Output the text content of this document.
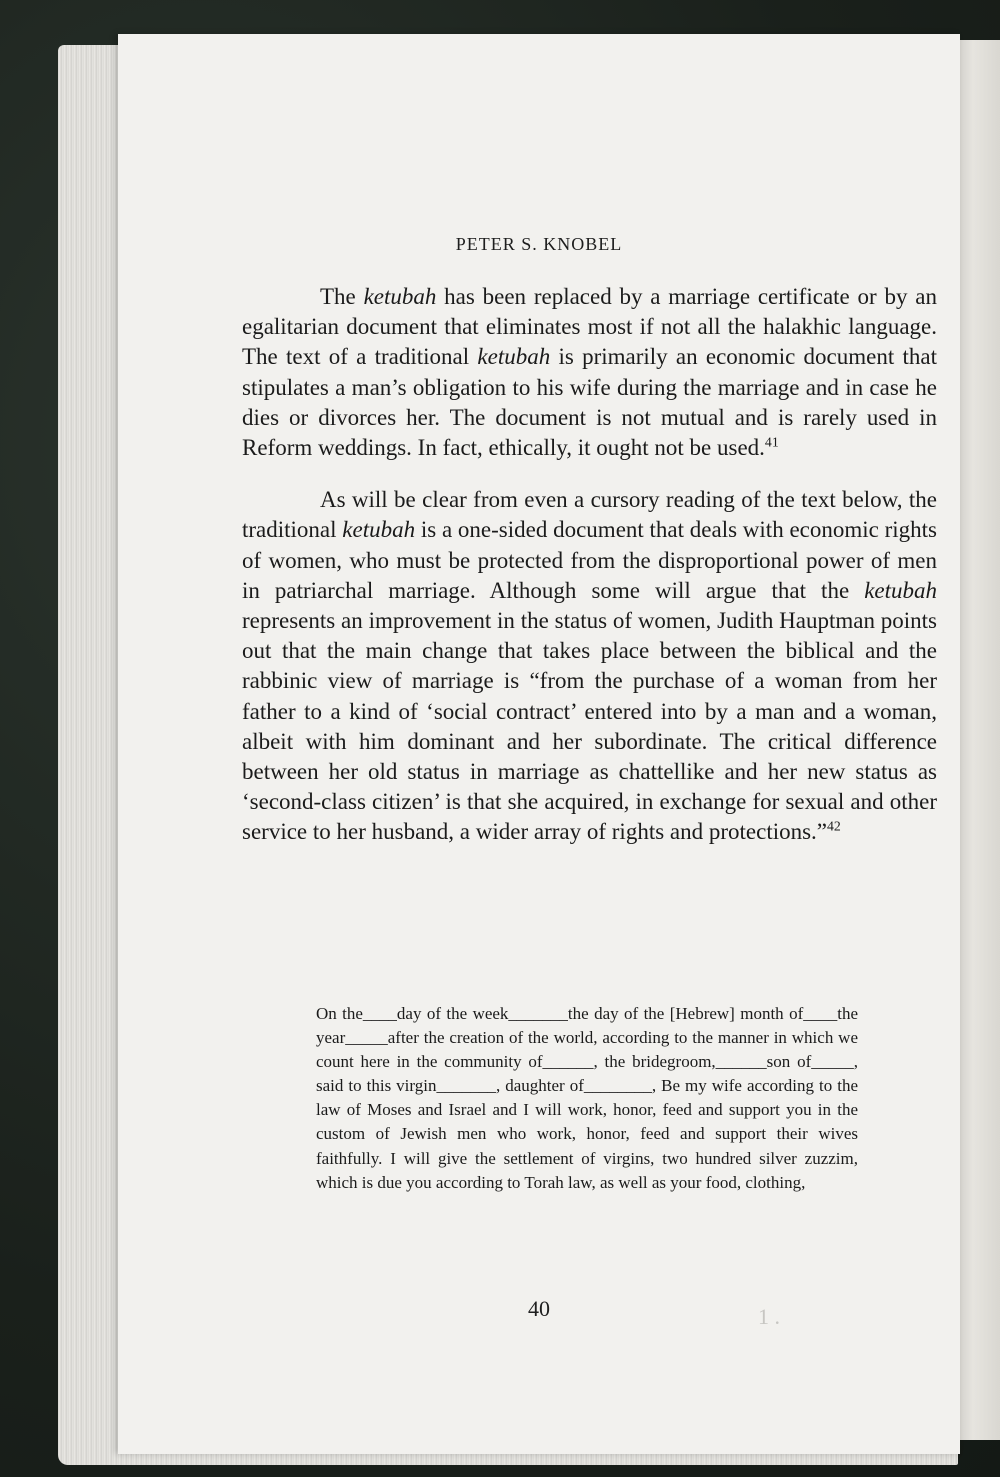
PETER S. KNOBEL

The ketubah has been replaced by a marriage certificate or by an egalitarian document that eliminates most if not all the halakhic language. The text of a traditional ketubah is primarily an economic document that stipulates a man’s obligation to his wife during the marriage and in case he dies or divorces her. The document is not mutual and is rarely used in Reform weddings. In fact, ethically, it ought not be used.$^{41}$

As will be clear from even a cursory reading of the text below, the traditional ketubah is a one-sided document that deals with economic rights of women, who must be protected from the disproportional power of men in patriarchal marriage. Although some will argue that the ketubah represents an improvement in the status of women, Judith Hauptman points out that the main change that takes place between the biblical and the rabbinic view of marriage is “from the purchase of a woman from her father to a kind of ‘social contract’ entered into by a man and a woman, albeit with him dominant and her subordinate. The critical difference between her old status in marriage as chattellike and her new status as ‘second-class citizen’ is that she acquired, in exchange for sexual and other service to her husband, a wider array of rights and protections.”$^{42}$

On the____day of the week_______the day of the [Hebrew] month of____the year_____after the creation of the world, according to the manner in which we count here in the community of______, the bridegroom,______son of_____, said to this virgin_______, daughter of________, Be my wife according to the law of Moses and Israel and I will work, honor, feed and support you in the custom of Jewish men who work, honor, feed and support their wives faithfully. I will give the settlement of virgins, two hundred silver zuzzim, which is due you according to Torah law, as well as your food, clothing,

40	1 .
